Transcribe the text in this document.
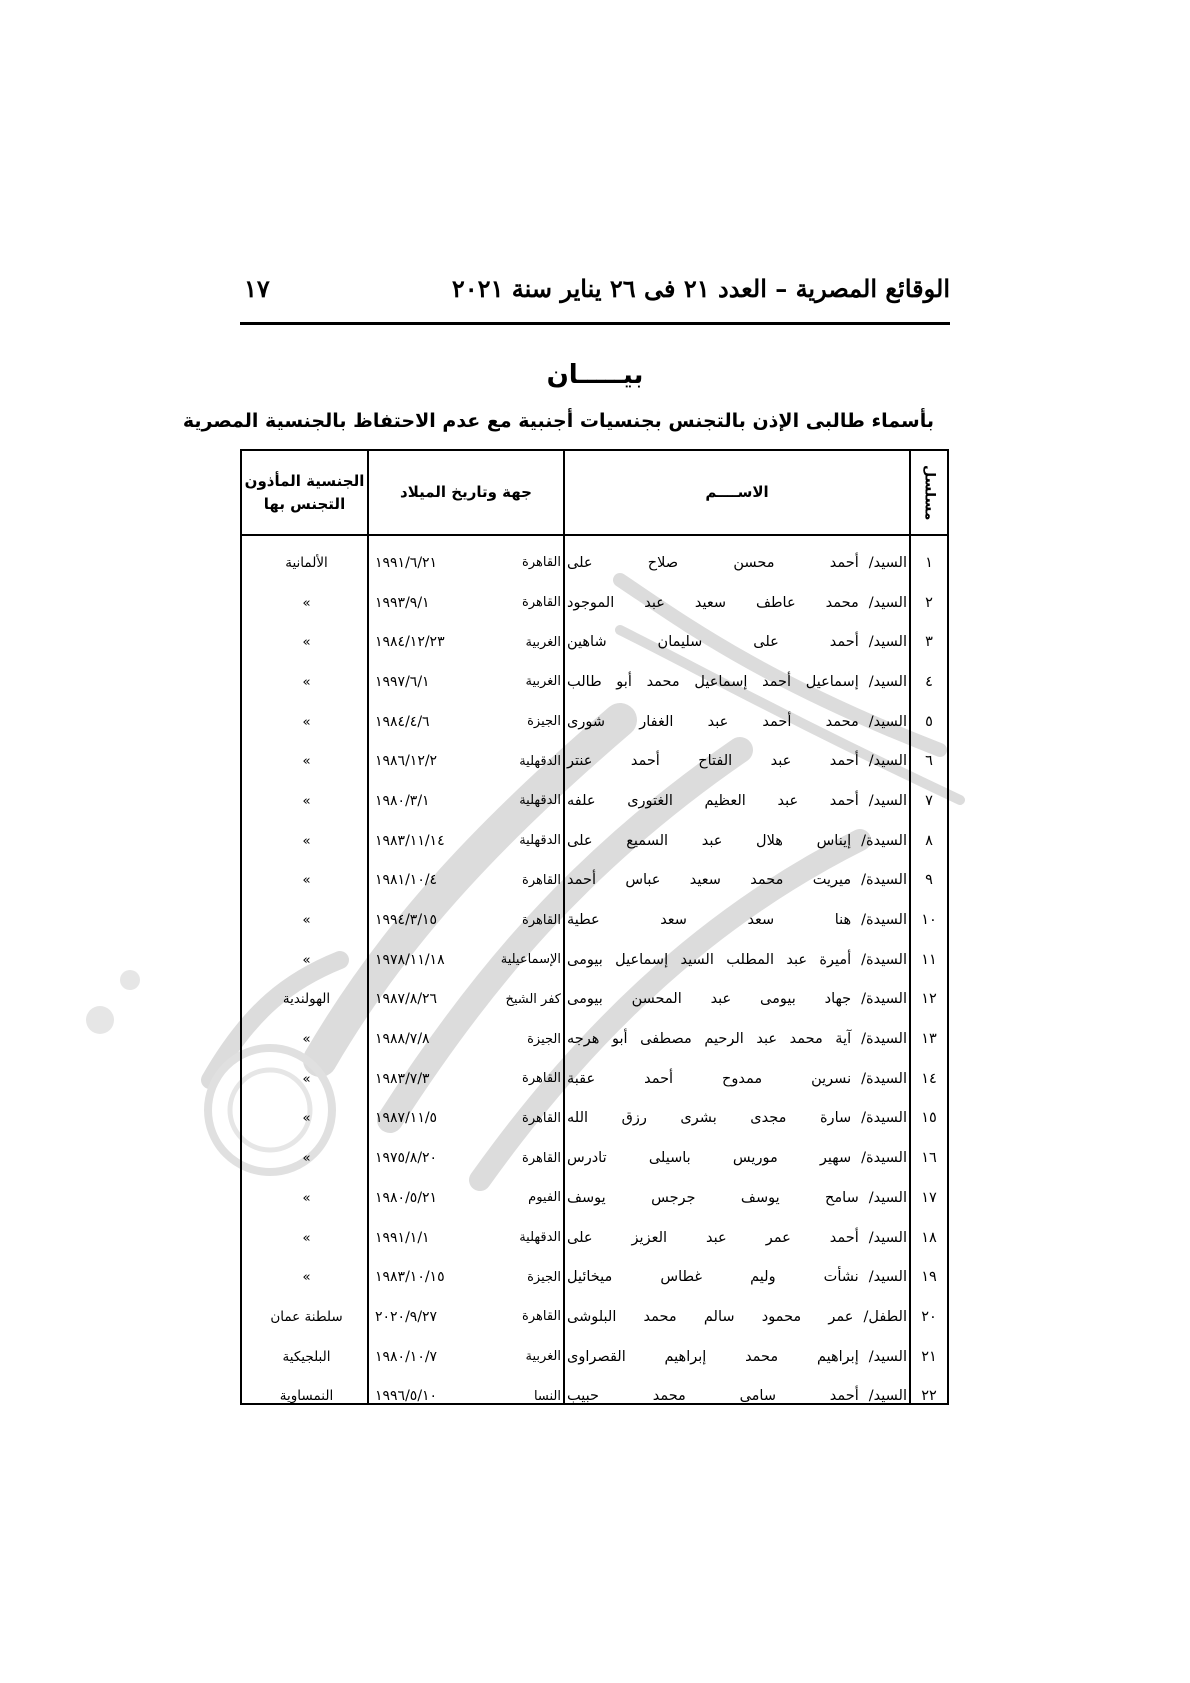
الوقائع المصرية – العدد ٢١ فى ٢٦ يناير سنة ٢٠٢١
١٧
بيـــــان
بأسماء طالبى الإذن بالتجنس بجنسيات أجنبية مع عدم الاحتفاظ بالجنسية المصرية
مسلسل
الاســــم
جهة وتاريخ الميلاد
الجنسية المأذون التجنس بها
١
السيد/
أحمد محسن صلاح على
القاهرة
١٩٩١/٦/٢١
الألمانية
٢
السيد/
محمد عاطف سعيد عبد الموجود
القاهرة
١٩٩٣/٩/١
»
٣
السيد/
أحمد على سليمان شاهين
الغربية
١٩٨٤/١٢/٢٣
»
٤
السيد/
إسماعيل أحمد إسماعيل محمد أبو طالب
الغربية
١٩٩٧/٦/١
»
٥
السيد/
محمد أحمد عبد الغفار شورى
الجيزة
١٩٨٤/٤/٦
»
٦
السيد/
أحمد عبد الفتاح أحمد عنتر
الدقهلية
١٩٨٦/١٢/٢
»
٧
السيد/
أحمد عبد العظيم الغتورى علفه
الدقهلية
١٩٨٠/٣/١
»
٨
السيدة/
إيناس هلال عبد السميع على
الدقهلية
١٩٨٣/١١/١٤
»
٩
السيدة/
ميريت محمد سعيد عباس أحمد
القاهرة
١٩٨١/١٠/٤
»
١٠
السيدة/
هنا سعد سعد عطية
القاهرة
١٩٩٤/٣/١٥
»
١١
السيدة/
أميرة عبد المطلب السيد إسماعيل بيومى
الإسماعيلية
١٩٧٨/١١/١٨
»
١٢
السيدة/
جهاد بيومى عبد المحسن بيومى
كفر الشيخ
١٩٨٧/٨/٢٦
الهولندية
١٣
السيدة/
آية محمد عبد الرحيم مصطفى أبو هرجه
الجيزة
١٩٨٨/٧/٨
»
١٤
السيدة/
نسرين ممدوح أحمد عقبة
القاهرة
١٩٨٣/٧/٣
»
١٥
السيدة/
سارة مجدى بشرى رزق الله
القاهرة
١٩٨٧/١١/٥
»
١٦
السيدة/
سهير موريس باسيلى تادرس
القاهرة
١٩٧٥/٨/٢٠
»
١٧
السيد/
سامح يوسف جرجس يوسف
الفيوم
١٩٨٠/٥/٢١
»
١٨
السيد/
أحمد عمر عبد العزيز على
الدقهلية
١٩٩١/١/١
»
١٩
السيد/
نشأت وليم غطاس ميخائيل
الجيزة
١٩٨٣/١٠/١٥
»
٢٠
الطفل/
عمر محمود سالم محمد البلوشى
القاهرة
٢٠٢٠/٩/٢٧
سلطنة عمان
٢١
السيد/
إبراهيم محمد إبراهيم القصراوى
الغربية
١٩٨٠/١٠/٧
البلجيكية
٢٢
السيد/
أحمد سامى محمد حبيب
النسا
١٩٩٦/٥/١٠
النمساوية
